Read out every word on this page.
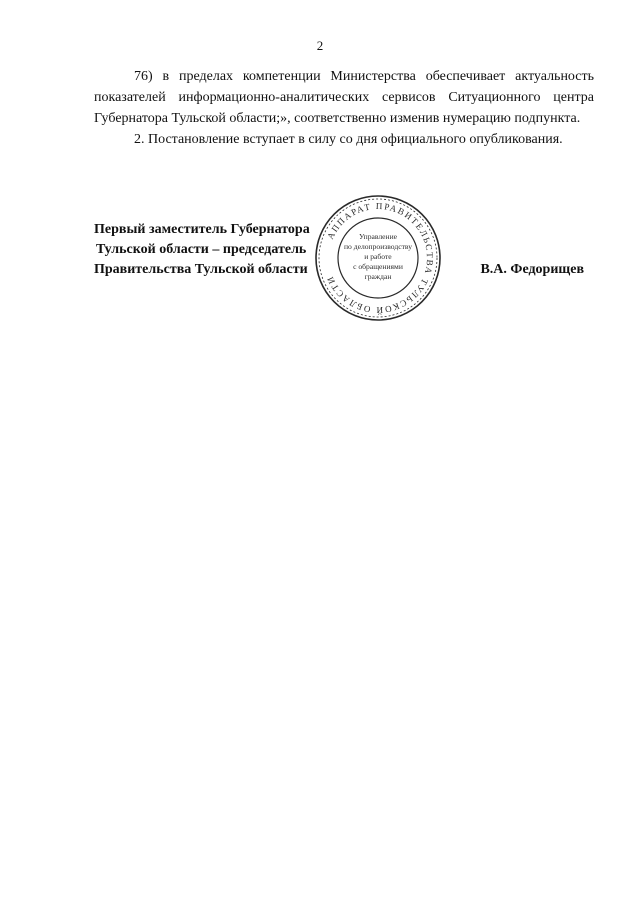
2

76) в пределах компетенции Министерства обеспечивает актуальность показателей информационно-аналитических сервисов Ситуационного центра Губернатора Тульской области;», соответственно изменив нумерацию подпункта.

2. Постановление вступает в силу со дня официального опубликования.

Первый заместитель Губернатора
Тульской области – председатель
Правительства Тульской области
АППАРАТ ПРАВИТЕЛЬСТВА ТУЛЬСКОЙ ОБЛАСТИ
Управление
по делопроизводству
и работе
с обращениями
граждан	В.А. Федорищев
